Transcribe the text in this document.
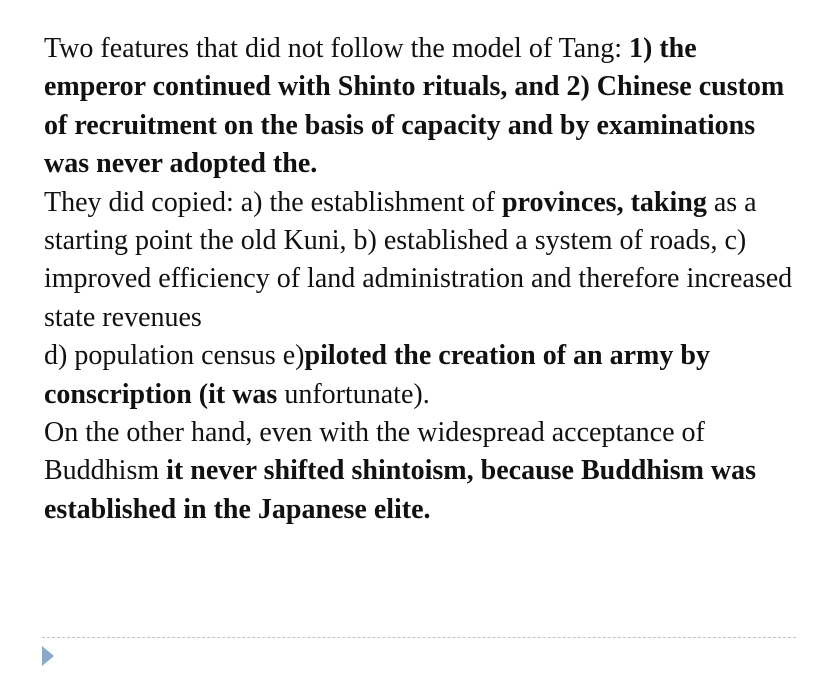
Two features that did not follow the model of Tang: 1) the emperor continued with Shinto rituals, and 2) Chinese custom of recruitment on the basis of capacity and by examinations was never adopted the.

They did copied: a) the establishment of provinces, taking as a starting point the old Kuni, b) established a system of roads, c) improved efficiency of land administration and therefore increased state revenues
d) population census e)piloted the creation of an army by conscription (it was unfortunate).

On the other hand, even with the widespread acceptance of Buddhism it never shifted shintoism, because Buddhism was established in the Japanese elite.
